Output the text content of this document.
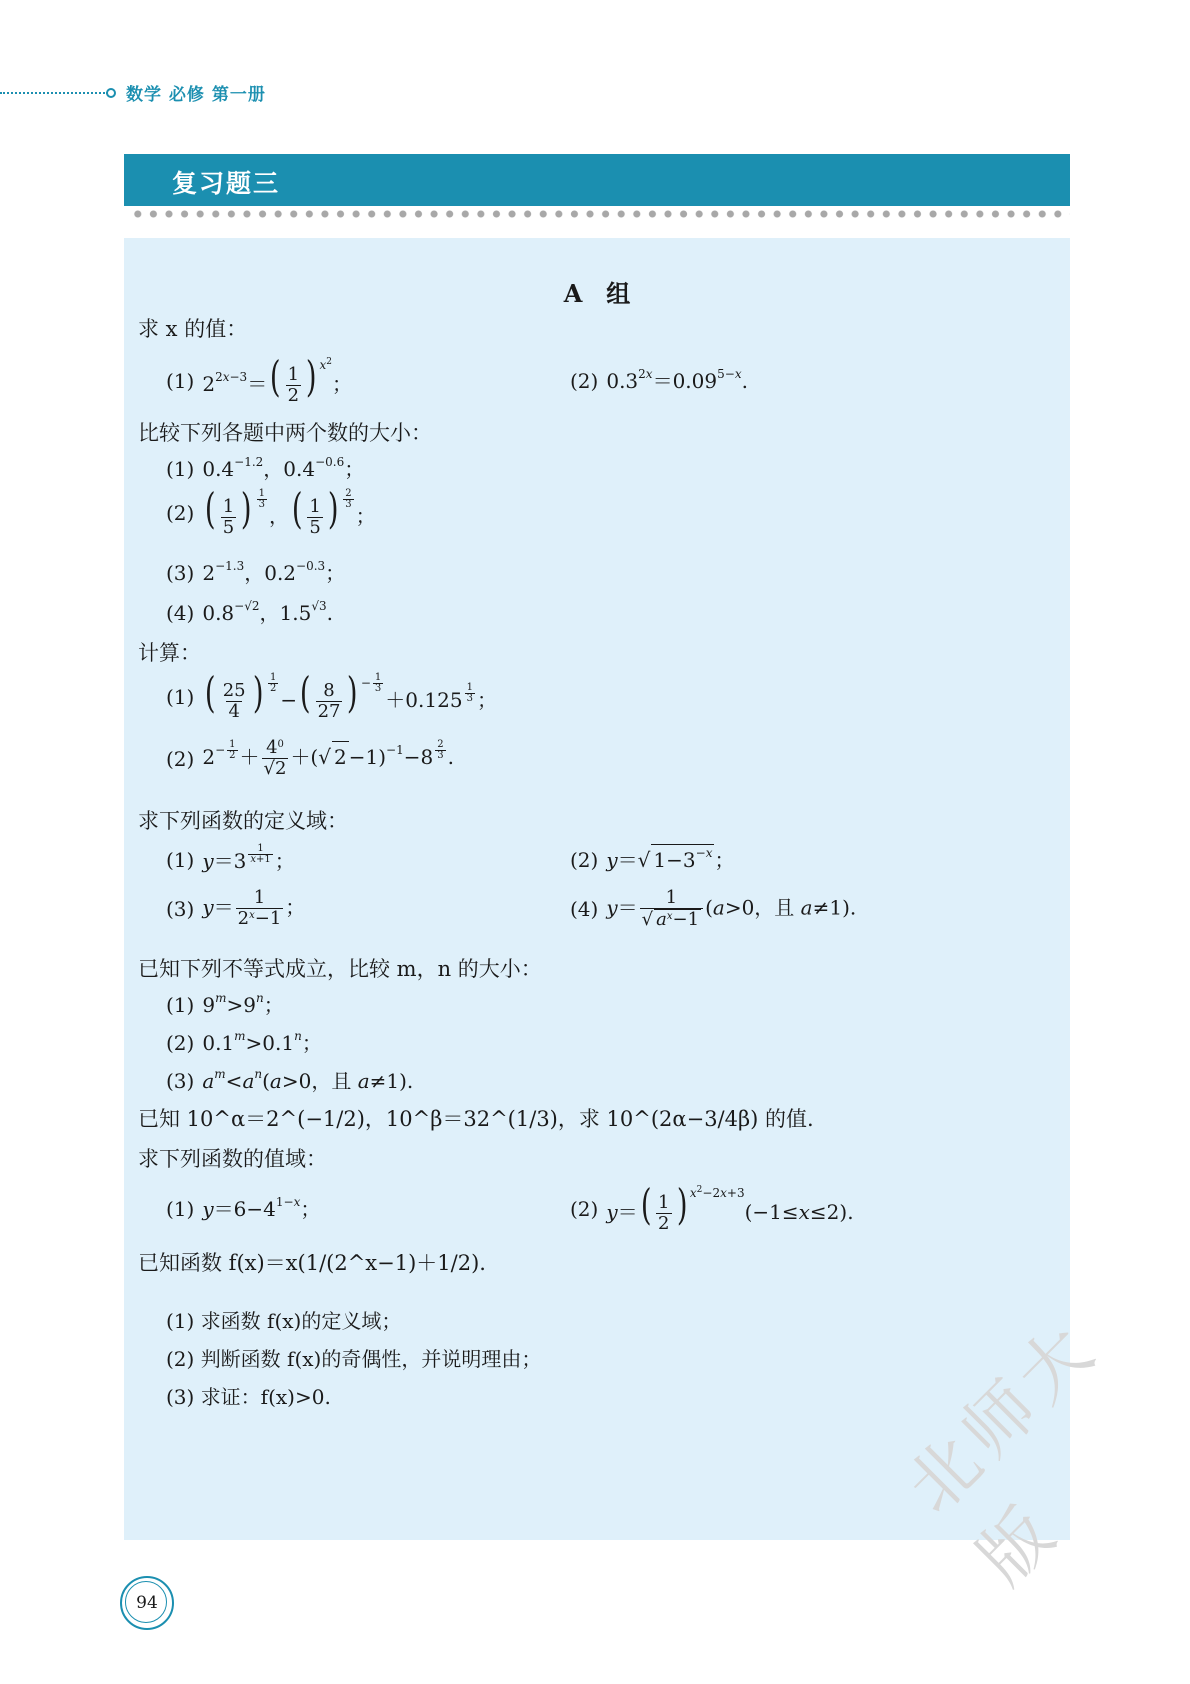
数学 必修 第一册
复习题三
A　组
求 x 的值：
(1) $2^{2x-3}=( \frac{1}{2}$ ) $^{x^2}$；	(2) $0.3^{2x}=0.09^{5-x}$.
比较下列各题中两个数的大小：
(1) $0.4^{-1.2}$，$0.4^{-0.6}$；
(2) ( $\frac{1}{5}$ ) $^{\frac{1}{3}}$
，( $\frac{1}{5}$ ) $^{\frac{2}{3}}$
；
(3) $2^{-1.3}$，$0.2^{-0.3}$；
(4) $0.8^{-√2}$，$1.5^{√3}$.
计算：
(1) ( $\frac{25}{4}$ ) $^{\frac{1}{2}}$
−( $\frac{8}{27}$ ) $^{- \frac{1}{3}}$
＋0.125 $^{\frac{1}{3}}$ ；
(2) $2^{- \frac{1}{2}} + \frac{4^0}{√2}$ ＋(√ 2 −1)$^{-1}$−8 $^{\frac{2}{3}}$ .
求下列函数的定义域：
(1) y＝3 $^{\frac{1}{x+1}}$ ；	(2) y＝√ $1-3^{-x}$ ；
(3) $y= \frac{1}{2^x-1}$ ；	(4) $y= \frac{1}{√ a^x-1} (a>0$，且 a≠1).
已知下列不等式成立，比较 m，n 的大小：
(1) $9^m>9^n$；
(2) $0.1^m>0.1^n$；
(3) $a^m<a^n(a>0$，且 a≠1).
已知 10^α＝2^(−1/2)，10^β＝32^(1/3)，求 10^(2α−3/4β) 的值.
求下列函数的值域：
(1) $y=6-4^{1-x}$；	(2) $y=( \frac{1}{2}$ ) $^{x^2-2x+3}$(−1≤x≤2).
已知函数 f(x)＝x(1/(2^x−1)＋1/2).
(1) 求函数 f(x)的定义域；
(2) 判断函数 f(x)的奇偶性，并说明理由；
(3) 求证：f(x)>0.
94
北师大版
